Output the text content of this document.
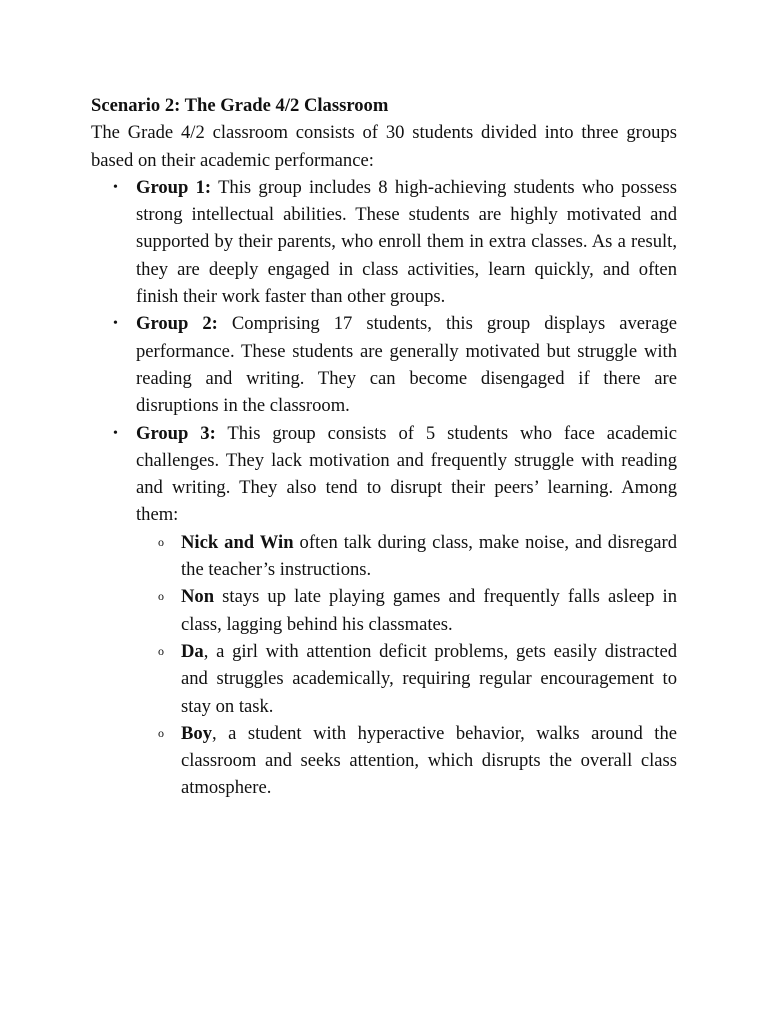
Scenario 2: The Grade 4/2 Classroom

The Grade 4/2 classroom consists of 30 students divided into three groups based on their academic performance:

• Group 1: This group includes 8 high-achieving students who possess strong intellectual abilities. These students are highly motivated and supported by their parents, who enroll them in extra classes. As a result, they are deeply engaged in class activities, learn quickly, and often finish their work faster than other groups.
• Group 2: Comprising 17 students, this group displays average performance. These students are generally motivated but struggle with reading and writing. They can become disengaged if there are disruptions in the classroom.
• Group 3: This group consists of 5 students who face academic challenges. They lack motivation and frequently struggle with reading and writing. They also tend to disrupt their peers’ learning. Among them:
o Nick and Win often talk during class, make noise, and disregard the teacher’s instructions.
o Non stays up late playing games and frequently falls asleep in class, lagging behind his classmates.
o Da, a girl with attention deficit problems, gets easily distracted and struggles academically, requiring regular encouragement to stay on task.
o Boy, a student with hyperactive behavior, walks around the classroom and seeks attention, which disrupts the overall class atmosphere.
